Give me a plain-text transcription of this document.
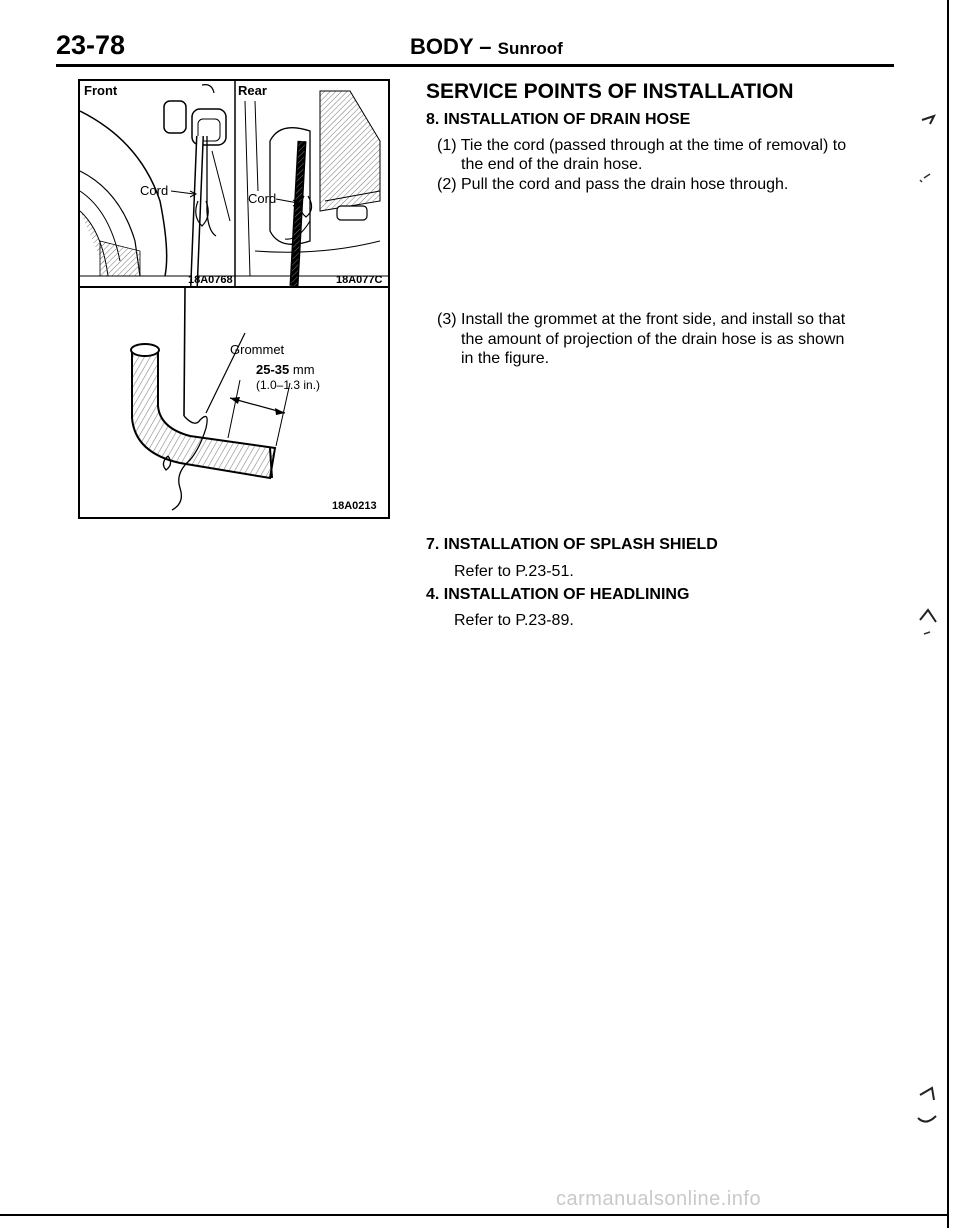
23-78	BODY – Sunroof
Front	Rear
Cord
Cord
18A0768	18A077C
Grommet
25-35 mm
(1.0–1.3 in.)
18A0213
SERVICE POINTS OF INSTALLATION
8. INSTALLATION OF DRAIN HOSE
(1) Tie the cord (passed through at the time of removal) to
the end of the drain hose.
(2) Pull the cord and pass the drain hose through.
(3) Install the grommet at the front side, and install so that
the amount of projection of the drain hose is as shown
in the figure.
7. INSTALLATION OF SPLASH SHIELD
Refer to P.23-51.
4. INSTALLATION OF HEADLINING
Refer to P.23-89.
carmanualsonline.info
